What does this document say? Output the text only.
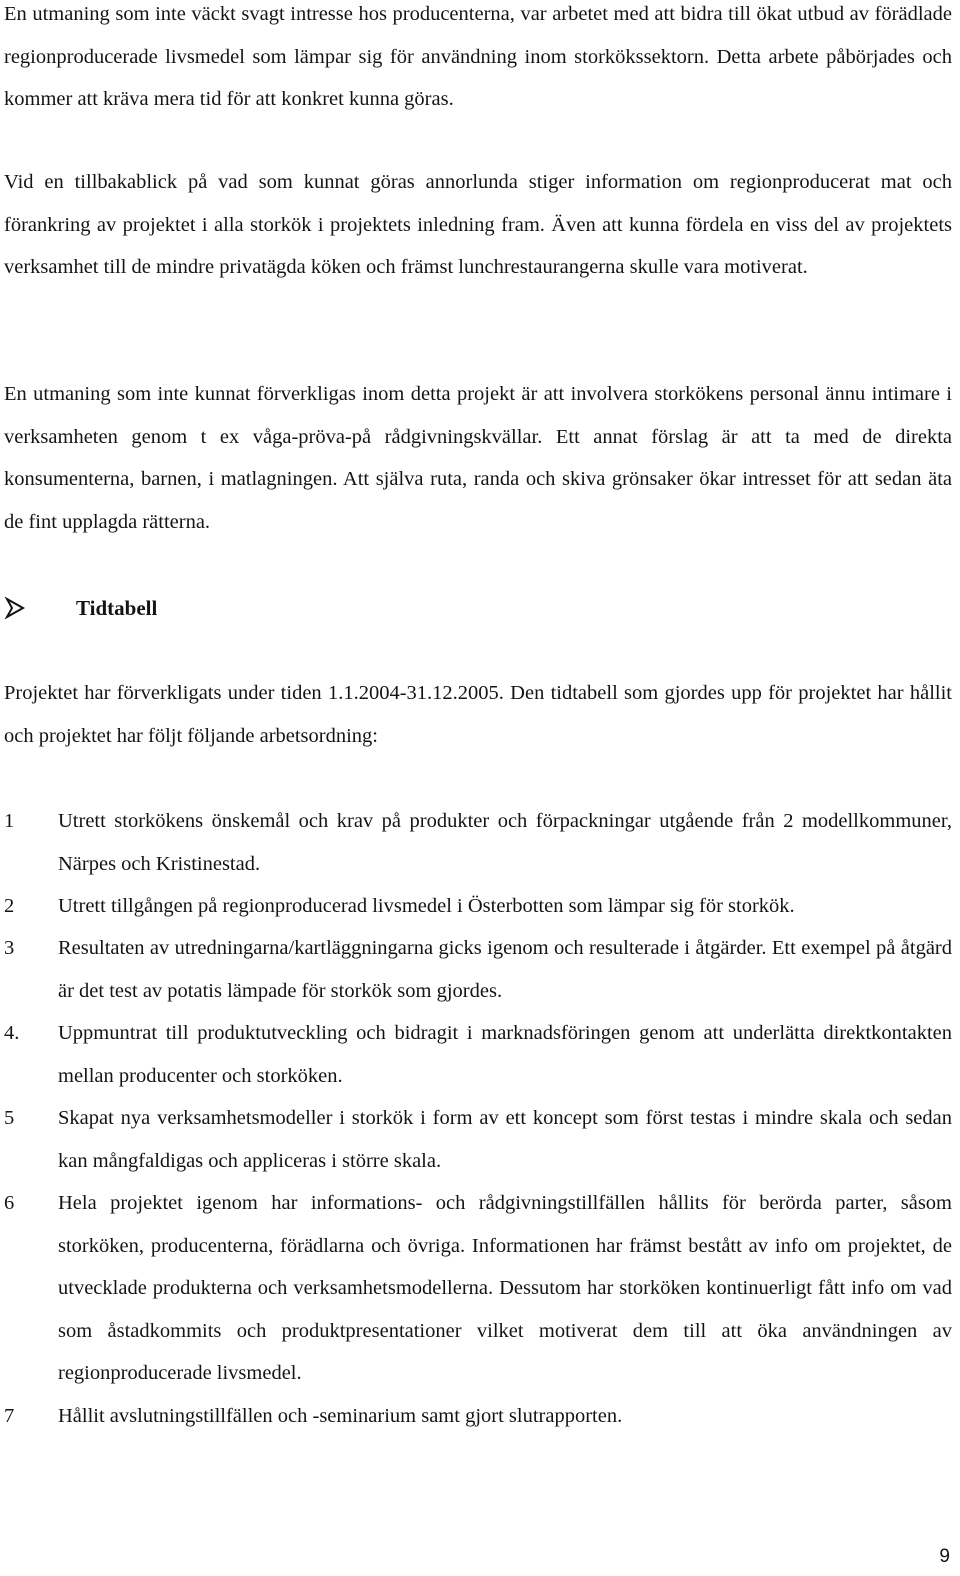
En utmaning som inte väckt svagt intresse hos producenterna, var arbetet med att bidra till ökat utbud av förädlade regionproducerade livsmedel som lämpar sig för användning inom storkökssektorn. Detta arbete påbörjades och kommer att kräva mera tid för att konkret kunna göras.

Vid en tillbakablick på vad som kunnat göras annorlunda stiger information om regionproducerat mat och förankring av projektet i alla storkök i projektets inledning fram. Även att kunna fördela en viss del av projektets verksamhet till de mindre privatägda köken och främst lunchrestaurangerna skulle vara motiverat.

En utmaning som inte kunnat förverkligas inom detta projekt är att involvera storkökens personal ännu intimare i verksamheten genom t ex våga-pröva-på rådgivningskvällar. Ett annat förslag är att ta med de direkta konsumenterna, barnen, i matlagningen. Att själva ruta, randa och skiva grönsaker ökar intresset för att sedan äta de fint upplagda rätterna.

Tidtabell

Projektet har förverkligats under tiden 1.1.2004-31.12.2005. Den tidtabell som gjordes upp för projektet har hållit och projektet har följt följande arbetsordning:

1 Utrett storkökens önskemål och krav på produkter och förpackningar utgående från 2 modellkommuner, Närpes och Kristinestad.
2 Utrett tillgången på regionproducerad livsmedel i Österbotten som lämpar sig för storkök.
3 Resultaten av utredningarna/kartläggningarna gicks igenom och resulterade i åtgärder. Ett exempel på åtgärd är det test av potatis lämpade för storkök som gjordes.
4. Uppmuntrat till produktutveckling och bidragit i marknadsföringen genom att underlätta direktkontakten mellan producenter och storköken.
5 Skapat nya verksamhetsmodeller i storkök i form av ett koncept som först testas i mindre skala och sedan kan mångfaldigas och appliceras i större skala.
6 Hela projektet igenom har informations- och rådgivningstillfällen hållits för berörda parter, såsom storköken, producenterna, förädlarna och övriga. Informationen har främst bestått av info om projektet, de utvecklade produkterna och verksamhetsmodellerna. Dessutom har storköken kontinuerligt fått info om vad som åstadkommits och produktpresentationer vilket motiverat dem till att öka användningen av regionproducerade livsmedel.
7 Hållit avslutningstillfällen och -seminarium samt gjort slutrapporten.
9
